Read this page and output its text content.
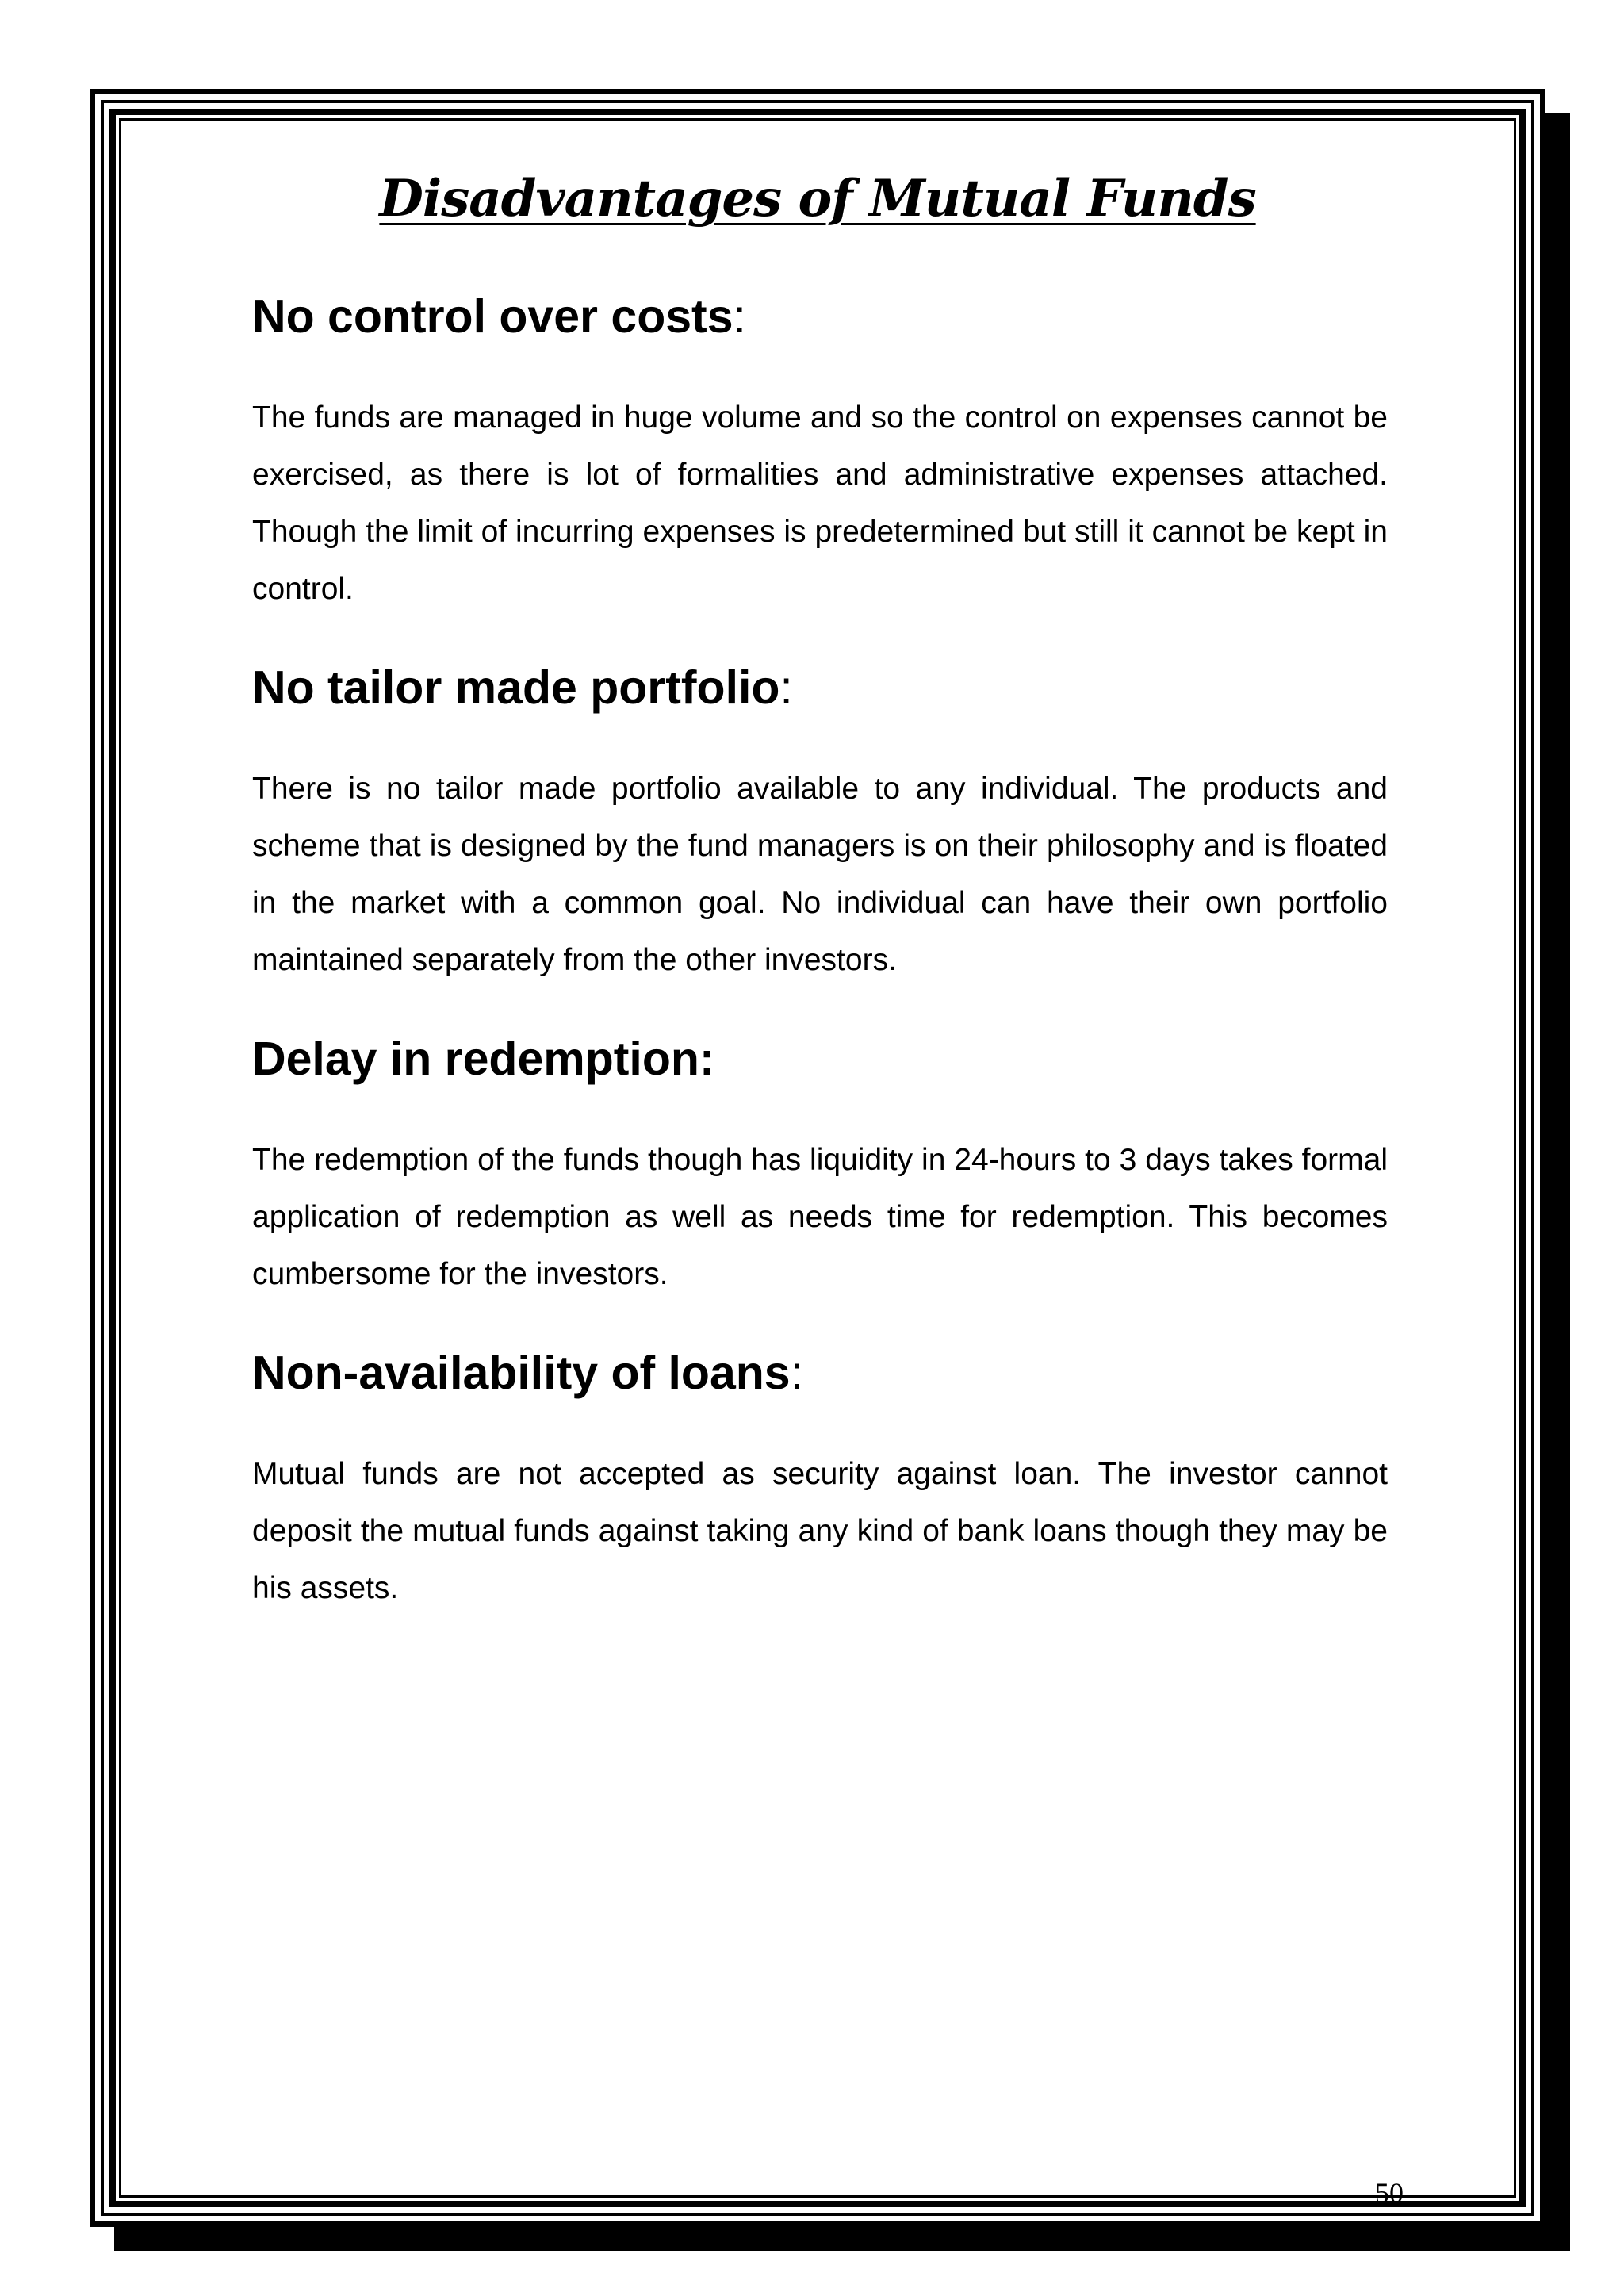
Disadvantages of Mutual Funds
No control over costs:

The funds are managed in huge volume and so the control on expenses cannot be exercised, as there is lot of formalities and administrative expenses attached. Though the limit of incurring expenses is predetermined but still it cannot be kept in control.

No tailor made portfolio:

There is no tailor made portfolio available to any individual. The products and scheme that is designed by the fund managers is on their philosophy and is floated in the market with a common goal. No individual can have their own portfolio maintained separately from the other investors.

Delay in redemption:

The redemption of the funds though has liquidity in 24-hours to 3 days takes formal application of redemption as well as needs time for redemption. This becomes cumbersome for the investors.

Non-availability of loans:

Mutual funds are not accepted as security against loan. The investor cannot deposit the mutual funds against taking any kind of bank loans though they may be his assets.

50
